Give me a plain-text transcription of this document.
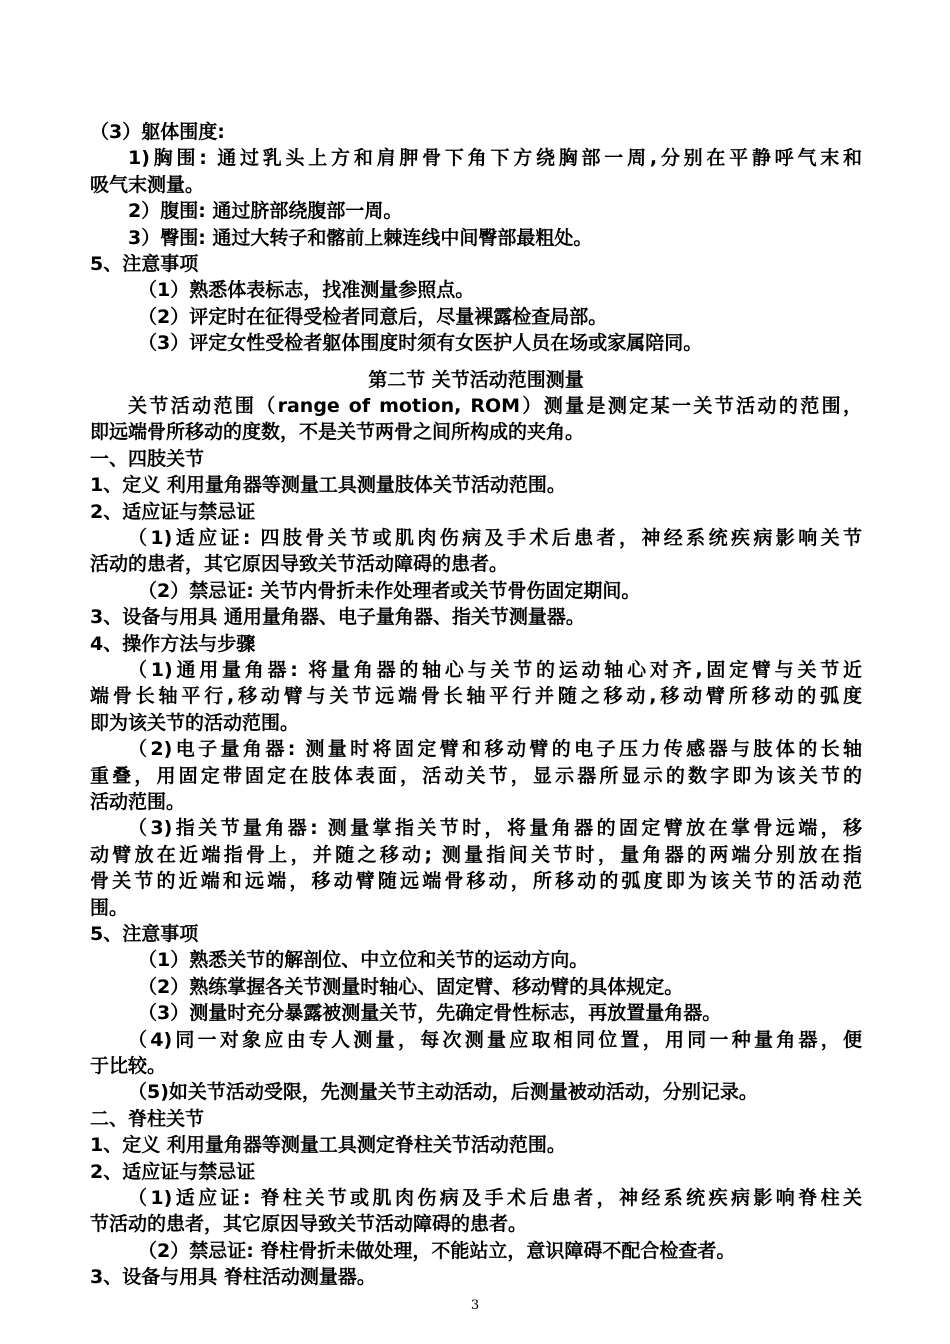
（3）躯体围度:
1)胸围: 通过乳头上方和肩胛骨下角下方绕胸部一周,分别在平静呼气末和
吸气末测量。
2）腹围: 通过脐部绕腹部一周。
3）臀围: 通过大转子和髂前上棘连线中间臀部最粗处。
5、注意事项
（1）熟悉体表标志，找准测量参照点。
（2）评定时在征得受检者同意后，尽量裸露检查局部。
（3）评定女性受检者躯体围度时须有女医护人员在场或家属陪同。
第二节 关节活动范围测量
关节活动范围（range of motion, ROM）测量是测定某一关节活动的范围，
即远端骨所移动的度数，不是关节两骨之间所构成的夹角。
一、四肢关节
1、定义 利用量角器等测量工具测量肢体关节活动范围。
2、适应证与禁忌证
（1)适应证: 四肢骨关节或肌肉伤病及手术后患者，神经系统疾病影响关节
活动的患者，其它原因导致关节活动障碍的患者。
（2）禁忌证: 关节内骨折未作处理者或关节骨伤固定期间。
3、设备与用具 通用量角器、电子量角器、指关节测量器。
4、操作方法与步骤
（1)通用量角器: 将量角器的轴心与关节的运动轴心对齐,固定臂与关节近
端骨长轴平行,移动臂与关节远端骨长轴平行并随之移动,移动臂所移动的弧度
即为该关节的活动范围。
（2)电子量角器: 测量时将固定臂和移动臂的电子压力传感器与肢体的长轴
重叠，用固定带固定在肢体表面，活动关节，显示器所显示的数字即为该关节的
活动范围。
（3)指关节量角器: 测量掌指关节时，将量角器的固定臂放在掌骨远端，移
动臂放在近端指骨上，并随之移动; 测量指间关节时，量角器的两端分别放在指
骨关节的近端和远端，移动臂随远端骨移动，所移动的弧度即为该关节的活动范
围。
5、注意事项
（1）熟悉关节的解剖位、中立位和关节的运动方向。
（2）熟练掌握各关节测量时轴心、固定臂、移动臂的具体规定。
（3）测量时充分暴露被测量关节，先确定骨性标志，再放置量角器。
（4)同一对象应由专人测量，每次测量应取相同位置，用同一种量角器，便
于比较。
（5)如关节活动受限，先测量关节主动活动，后测量被动活动，分别记录。
二、脊柱关节
1、定义 利用量角器等测量工具测定脊柱关节活动范围。
2、适应证与禁忌证
（1)适应证: 脊柱关节或肌肉伤病及手术后患者，神经系统疾病影响脊柱关
节活动的患者，其它原因导致关节活动障碍的患者。
（2）禁忌证: 脊柱骨折未做处理，不能站立，意识障碍不配合检查者。
3、设备与用具 脊柱活动测量器。
3
